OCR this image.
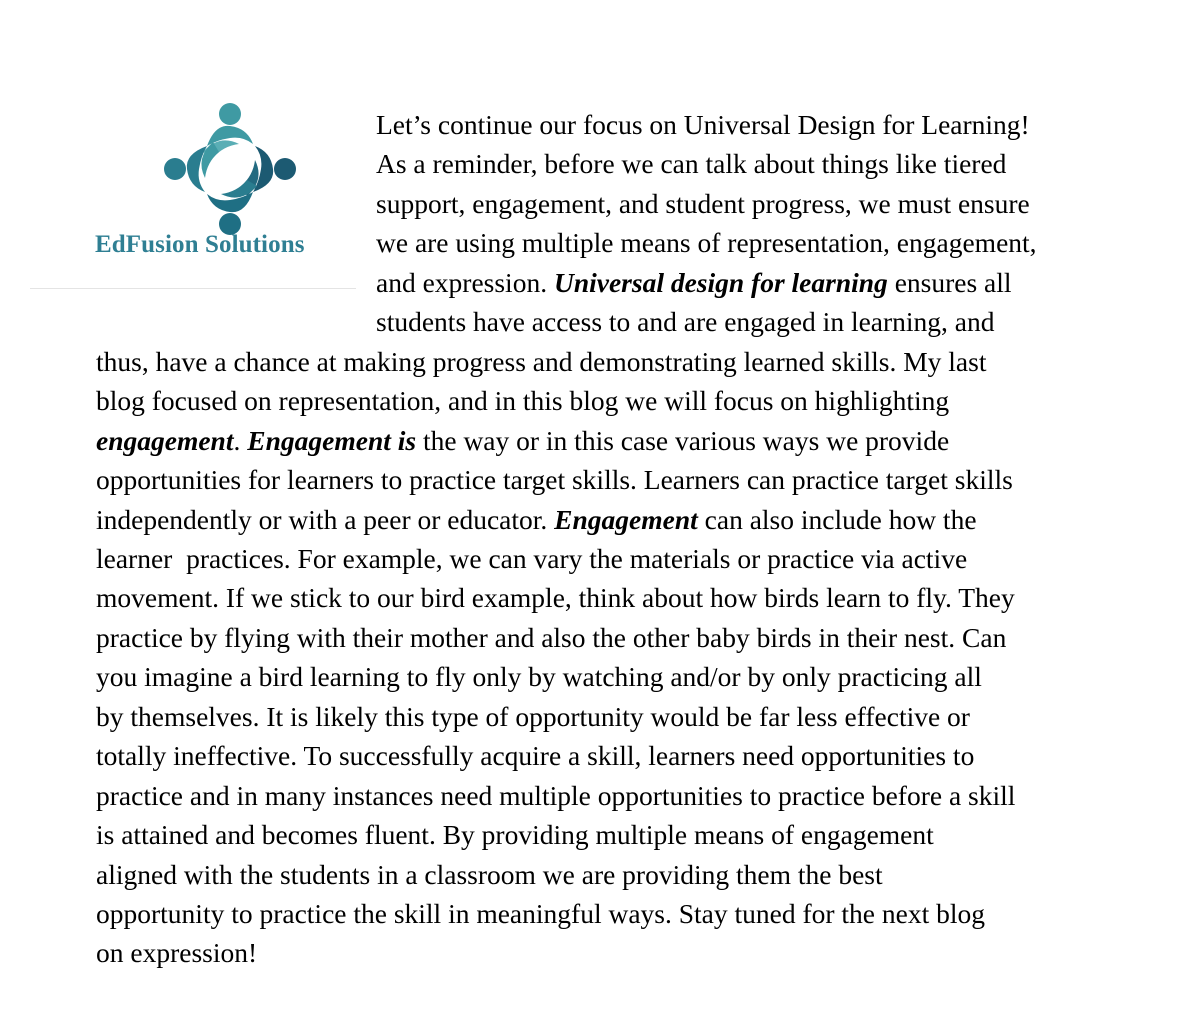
EdFusion Solutions
Let’s continue our focus on Universal Design for Learning!
As a reminder, before we can talk about things like tiered
support, engagement, and student progress, we must ensure
we are using multiple means of representation, engagement,
and expression. Universal design for learning ensures all
students have access to and are engaged in learning, and
thus, have a chance at making progress and demonstrating learned skills. My last
blog focused on representation, and in this blog we will focus on highlighting
engagement. Engagement is the way or in this case various ways we provide
opportunities for learners to practice target skills. Learners can practice target skills
independently or with a peer or educator. Engagement can also include how the
learner  practices. For example, we can vary the materials or practice via active
movement. If we stick to our bird example, think about how birds learn to fly. They
practice by flying with their mother and also the other baby birds in their nest. Can
you imagine a bird learning to fly only by watching and/or by only practicing all
by themselves. It is likely this type of opportunity would be far less effective or
totally ineffective. To successfully acquire a skill, learners need opportunities to
practice and in many instances need multiple opportunities to practice before a skill
is attained and becomes fluent. By providing multiple means of engagement
aligned with the students in a classroom we are providing them the best
opportunity to practice the skill in meaningful ways. Stay tuned for the next blog
on expression!
